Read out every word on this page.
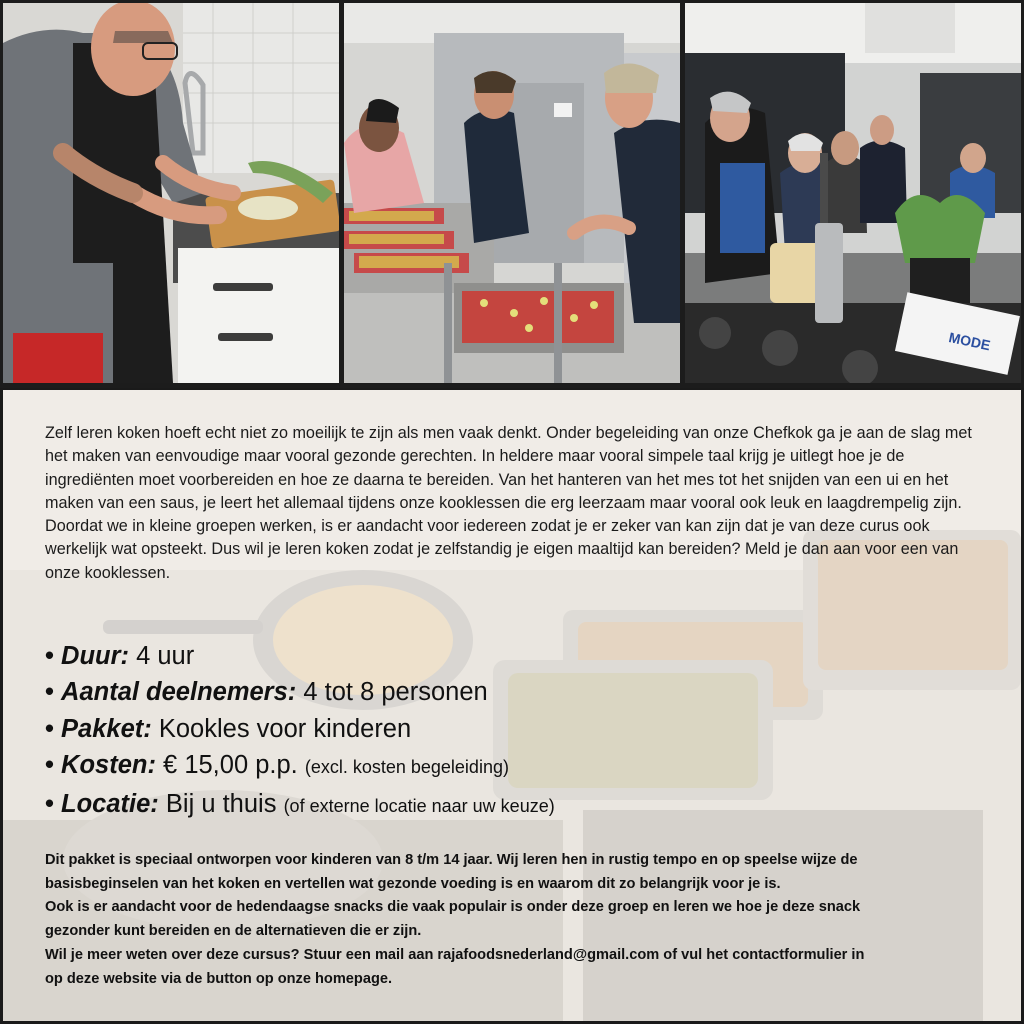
MODE

Zelf leren koken hoeft echt niet zo moeilijk te zijn als men vaak denkt. Onder begeleiding van onze Chefkok ga je aan de slag met het maken van eenvoudige maar vooral gezonde gerechten. In heldere maar vooral simpele taal krijg je uitlegt hoe je de ingrediënten moet voorbereiden en hoe ze daarna te bereiden. Van het hanteren van het mes tot het snijden van een ui en het maken van een saus, je leert het allemaal tijdens onze kooklessen die erg leerzaam maar vooral ook leuk en laagdrempelig zijn. Doordat we in kleine groepen werken, is er aandacht voor iedereen zodat je er zeker van kan zijn dat je van deze curus ook werkelijk wat opsteekt. Dus wil je leren koken zodat je zelfstandig je eigen maaltijd kan bereiden? Meld je dan aan voor een van onze kooklessen.

• Duur: 4 uur
• Aantal deelnemers: 4 tot 8 personen
• Pakket: Kookles voor kinderen
• Kosten: € 15,00 p.p. (excl. kosten begeleiding)
• Locatie: Bij u thuis (of externe locatie naar uw keuze)

Dit pakket is speciaal ontworpen voor kinderen van 8 t/m 14 jaar. Wij leren hen in rustig tempo en op speelse wijze de
basisbeginselen van het koken en vertellen wat gezonde voeding is en waarom dit zo belangrijk voor je is.
Ook is er aandacht voor de hedendaagse snacks die vaak populair is onder deze groep en leren we hoe je deze snack
gezonder kunt bereiden en de alternatieven die er zijn.
Wil je meer weten over deze cursus? Stuur een mail aan rajafoodsnederland@gmail.com of vul het contactformulier in
op deze website via de button op onze homepage.
